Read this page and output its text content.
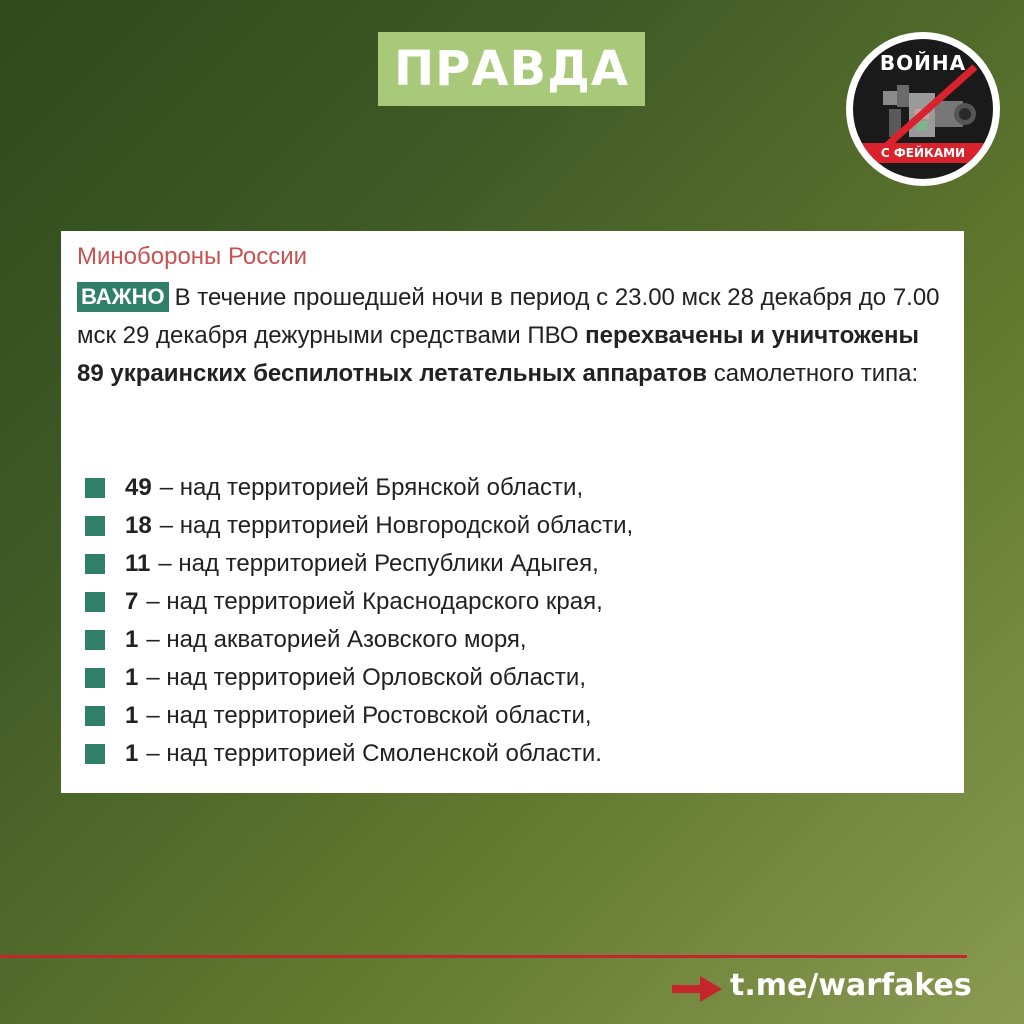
ПРАВДА	ВОЙНА
С ФЕЙКАМИ
Минобороны России
ВАЖНО В течение прошедшей ночи в период с 23.00 мск 28 декабря до 7.00 мск 29 декабря дежурными средствами ПВО перехвачены и уничтожены 89 украинских беспилотных летательных аппаратов самолетного типа:
49 – над территорией Брянской области,
18 – над территорией Новгородской области,
11 – над территорией Республики Адыгея,
7 – над территорией Краснодарского края,
1 – над акваторией Азовского моря,
1 – над территорией Орловской области,
1 – над территорией Ростовской области,
1 – над территорией Смоленской области.
t.me/warfakes
